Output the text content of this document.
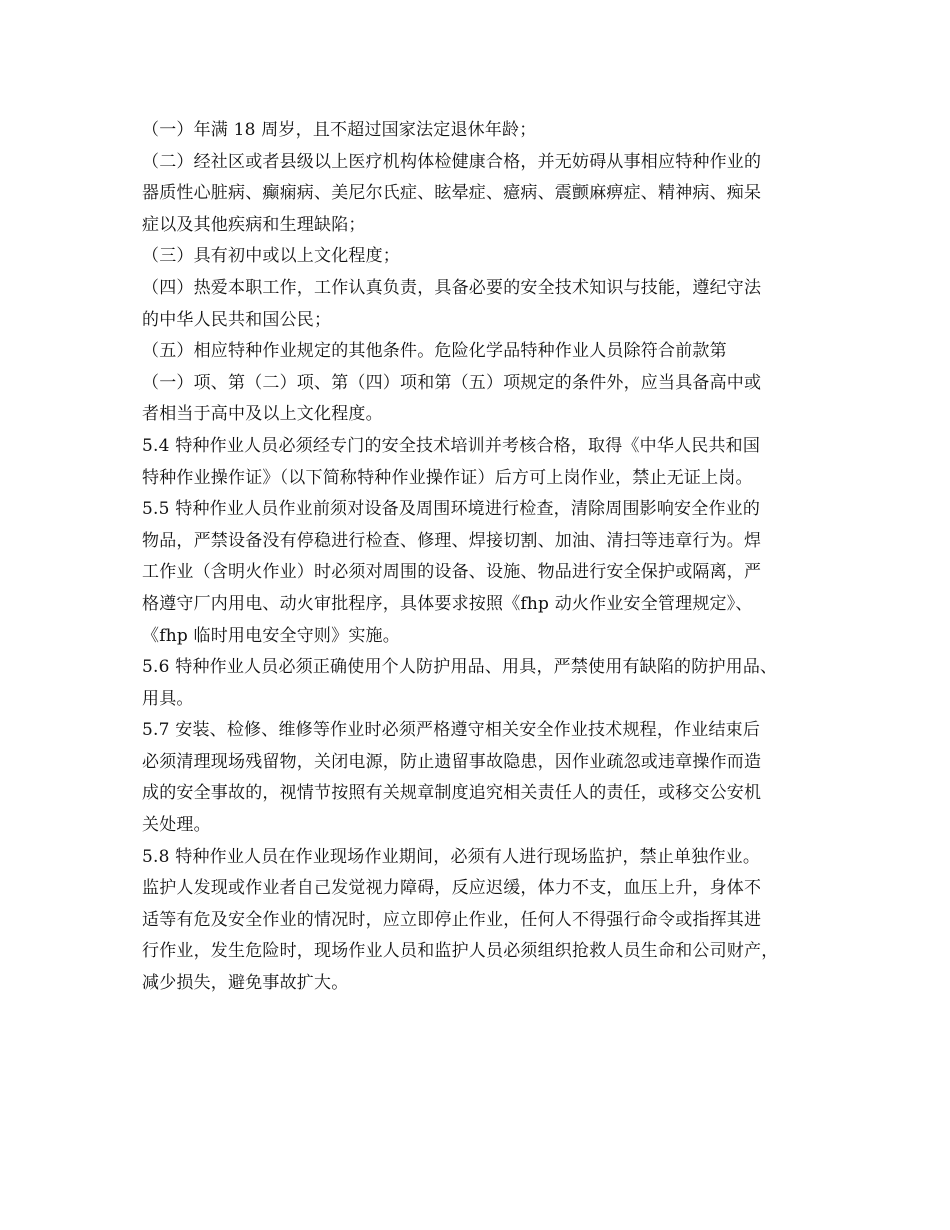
（一）年满 18 周岁，且不超过国家法定退休年龄；
（二）经社区或者县级以上医疗机构体检健康合格，并无妨碍从事相应特种作业的
器质性心脏病、癫痫病、美尼尔氏症、眩晕症、癔病、震颤麻痹症、精神病、痴呆
症以及其他疾病和生理缺陷；
（三）具有初中或以上文化程度；
（四）热爱本职工作，工作认真负责，具备必要的安全技术知识与技能，遵纪守法
的中华人民共和国公民；
（五）相应特种作业规定的其他条件。危险化学品特种作业人员除符合前款第
（一）项、第（二）项、第（四）项和第（五）项规定的条件外，应当具备高中或
者相当于高中及以上文化程度。
5.4 特种作业人员必须经专门的安全技术培训并考核合格，取得《中华人民共和国
特种作业操作证》（以下简称特种作业操作证）后方可上岗作业，禁止无证上岗。
5.5 特种作业人员作业前须对设备及周围环境进行检查，清除周围影响安全作业的
物品，严禁设备没有停稳进行检查、修理、焊接切割、加油、清扫等违章行为。焊
工作业（含明火作业）时必须对周围的设备、设施、物品进行安全保护或隔离，严
格遵守厂内用电、动火审批程序，具体要求按照《fhp 动火作业安全管理规定》、
《fhp 临时用电安全守则》实施。
5.6 特种作业人员必须正确使用个人防护用品、用具，严禁使用有缺陷的防护用品、
用具。
5.7 安装、检修、维修等作业时必须严格遵守相关安全作业技术规程，作业结束后
必须清理现场残留物，关闭电源，防止遗留事故隐患，因作业疏忽或违章操作而造
成的安全事故的，视情节按照有关规章制度追究相关责任人的责任，或移交公安机
关处理。
5.8 特种作业人员在作业现场作业期间，必须有人进行现场监护，禁止单独作业。
监护人发现或作业者自己发觉视力障碍，反应迟缓，体力不支，血压上升，身体不
适等有危及安全作业的情况时，应立即停止作业，任何人不得强行命令或指挥其进
行作业，发生危险时，现场作业人员和监护人员必须组织抢救人员生命和公司财产，
减少损失，避免事故扩大。
